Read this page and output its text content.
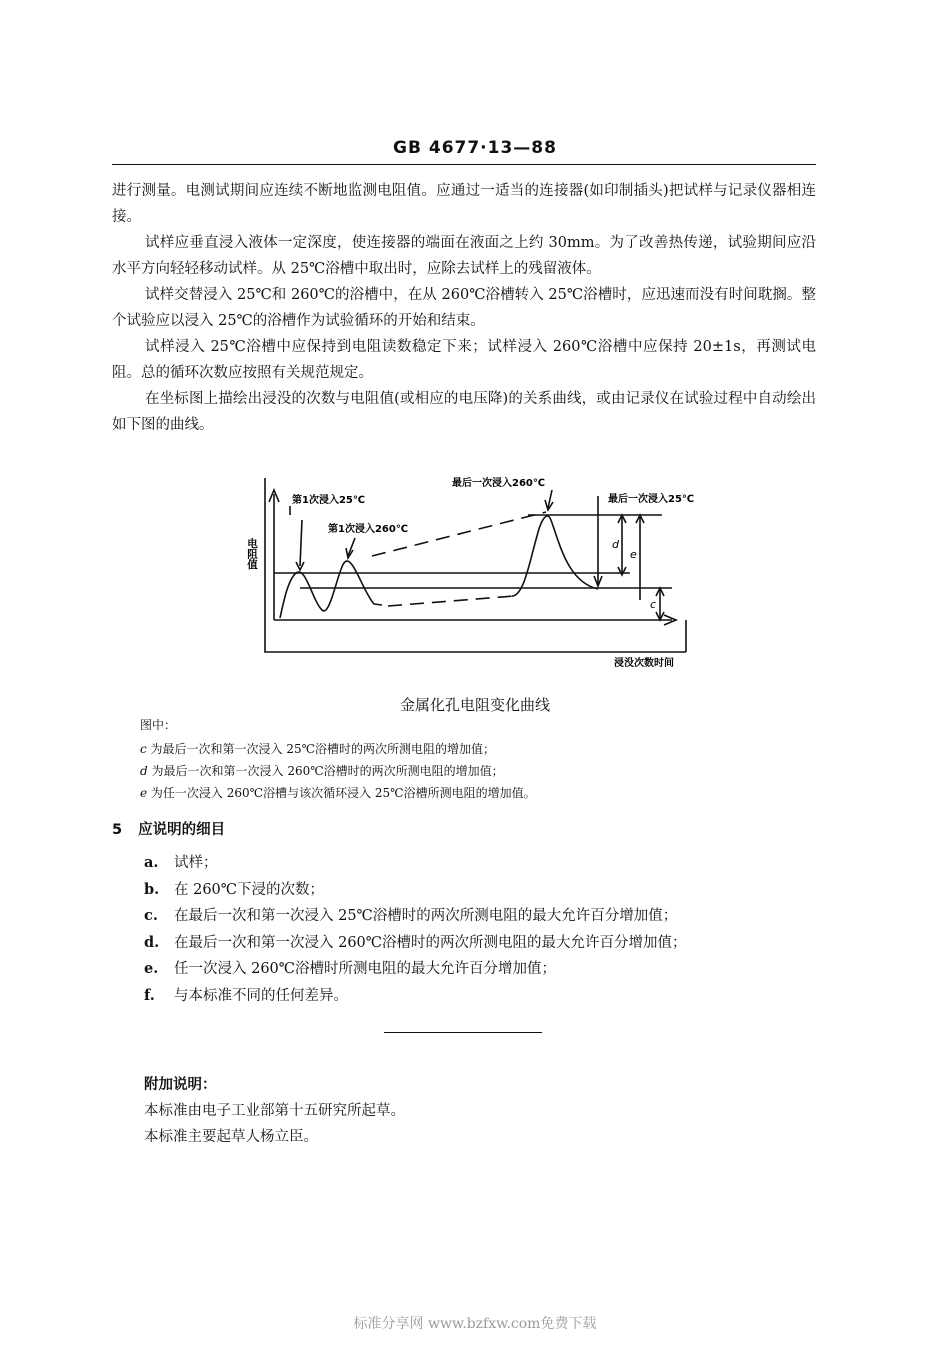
GB 4677·13—88
进行测量。电测试期间应连续不断地监测电阻值。应通过一适当的连接器(如印制插头)把试样与记录仪器相连接。
试样应垂直浸入液体一定深度，使连接器的端面在液面之上约 30mm。为了改善热传递，试验期间应沿水平方向轻轻移动试样。从 25℃浴槽中取出时，应除去试样上的残留液体。
试样交替浸入 25℃和 260℃的浴槽中，在从 260℃浴槽转入 25℃浴槽时，应迅速而没有时间耽搁。整个试验应以浸入 25℃的浴槽作为试验循环的开始和结束。
试样浸入 25℃浴槽中应保持到电阻读数稳定下来；试样浸入 260℃浴槽中应保持 20±1s，再测试电阻。总的循环次数应按照有关规范规定。
在坐标图上描绘出浸没的次数与电阻值(或相应的电压降)的关系曲线，或由记录仪在试验过程中自动绘出如下图的曲线。
电阻值
第1次浸入25℃
第1次浸入260℃
最后一次浸入260℃
最后一次浸入25℃
d
e
c
浸没次数时间
金属化孔电阻变化曲线
图中：
c 为最后一次和第一次浸入 25℃浴槽时的两次所测电阻的增加值；
d 为最后一次和第一次浸入 260℃浴槽时的两次所测电阻的增加值；
e 为任一次浸入 260℃浴槽与该次循环浸入 25℃浴槽所测电阻的增加值。
5 应说明的细目
a. 试样；
b. 在 260℃下浸的次数；
c. 在最后一次和第一次浸入 25℃浴槽时的两次所测电阻的最大允许百分增加值；
d. 在最后一次和第一次浸入 260℃浴槽时的两次所测电阻的最大允许百分增加值；
e. 任一次浸入 260℃浴槽时所测电阻的最大允许百分增加值；
f. 与本标准不同的任何差异。
附加说明：
本标准由电子工业部第十五研究所起草。
本标准主要起草人杨立臣。
标准分享网 www.bzfxw.com免费下载
